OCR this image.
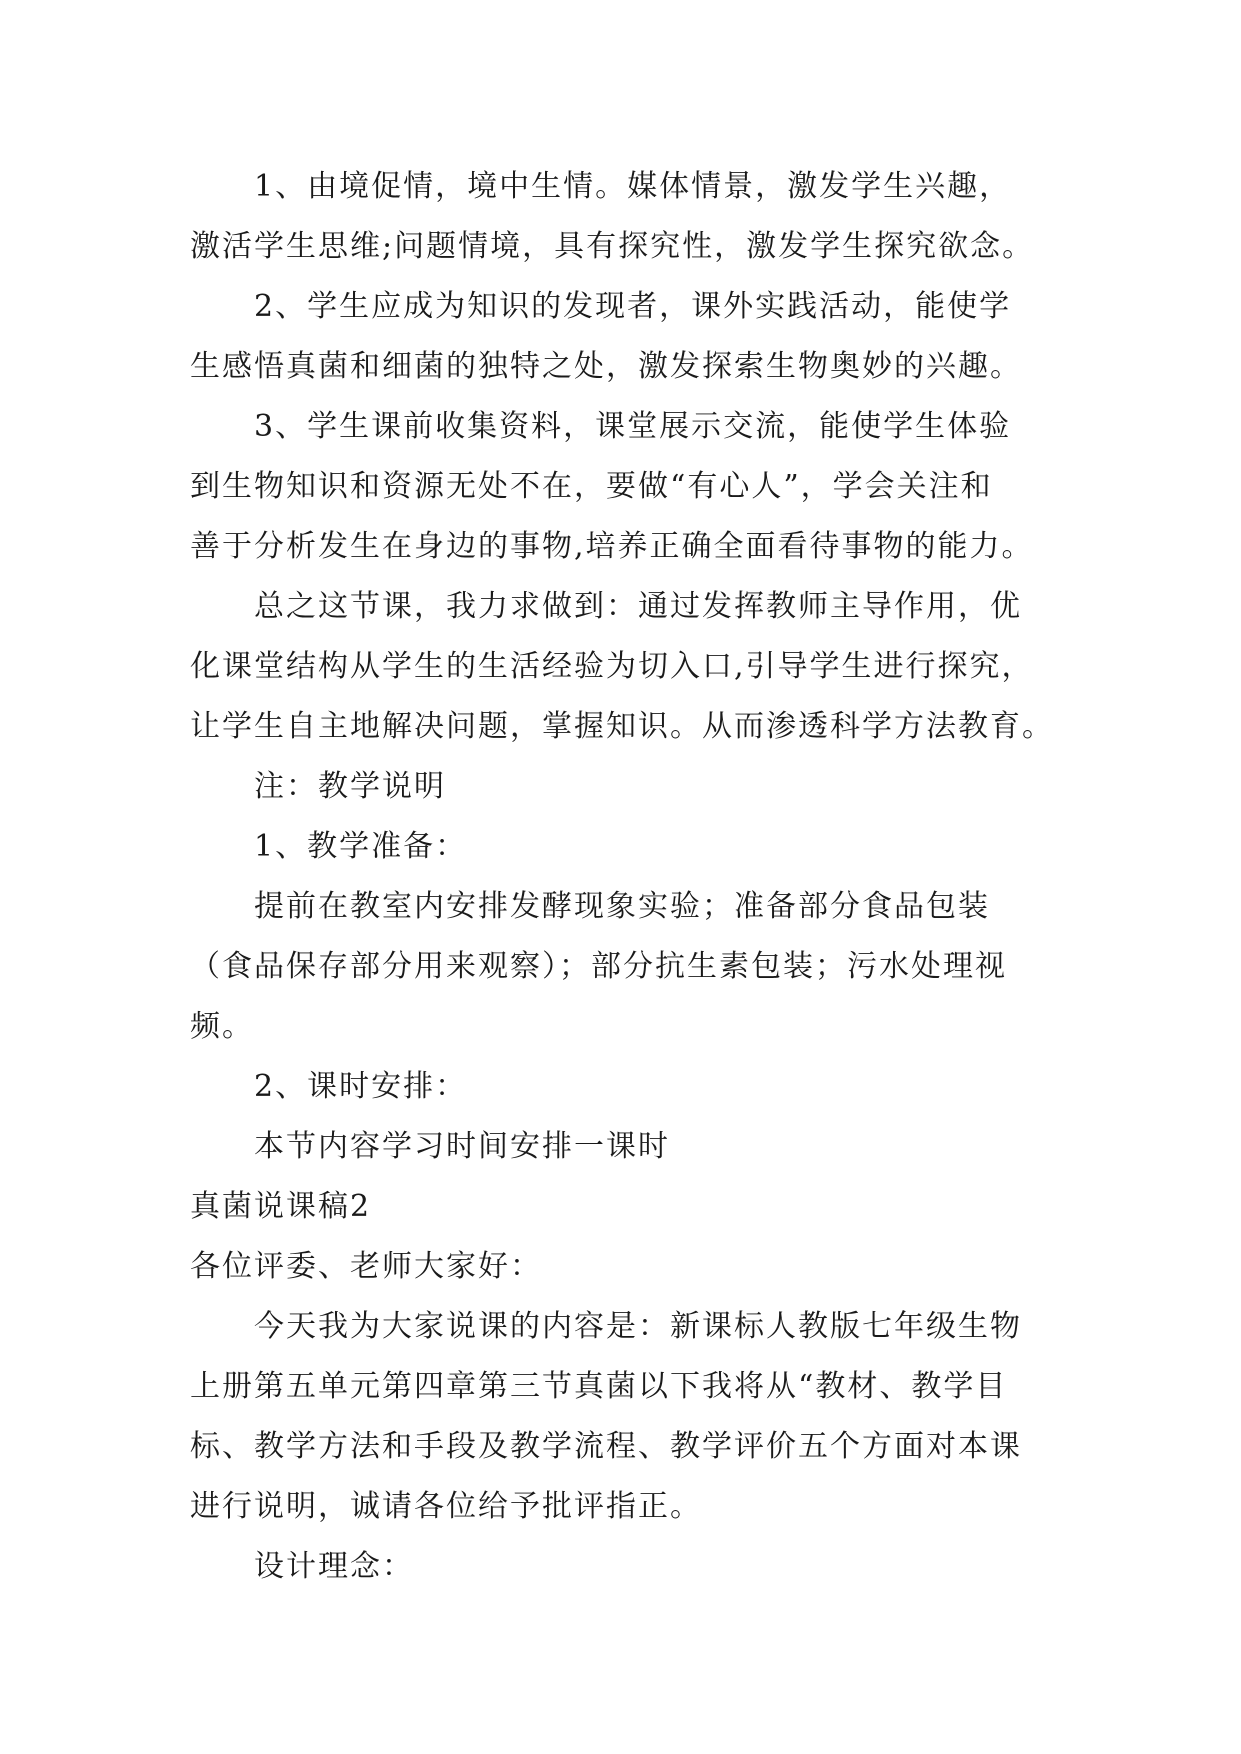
1、由境促情，境中生情。媒体情景，激发学生兴趣，
激活学生思维;问题情境，具有探究性，激发学生探究欲念。
2、学生应成为知识的发现者，课外实践活动，能使学
生感悟真菌和细菌的独特之处，激发探索生物奥妙的兴趣。
3、学生课前收集资料，课堂展示交流，能使学生体验
到生物知识和资源无处不在，要做“有心人”，学会关注和
善于分析发生在身边的事物,培养正确全面看待事物的能力。
总之这节课，我力求做到：通过发挥教师主导作用，优
化课堂结构从学生的生活经验为切入口,引导学生进行探究，
让学生自主地解决问题，掌握知识。从而渗透科学方法教育。
注：教学说明
1、教学准备：
提前在教室内安排发酵现象实验；准备部分食品包装
（食品保存部分用来观察）；部分抗生素包装；污水处理视
频。
2、课时安排：
本节内容学习时间安排一课时
真菌说课稿2
各位评委、老师大家好：
今天我为大家说课的内容是：新课标人教版七年级生物
上册第五单元第四章第三节真菌以下我将从“教材、教学目
标、教学方法和手段及教学流程、教学评价五个方面对本课
进行说明，诚请各位给予批评指正。
设计理念：
